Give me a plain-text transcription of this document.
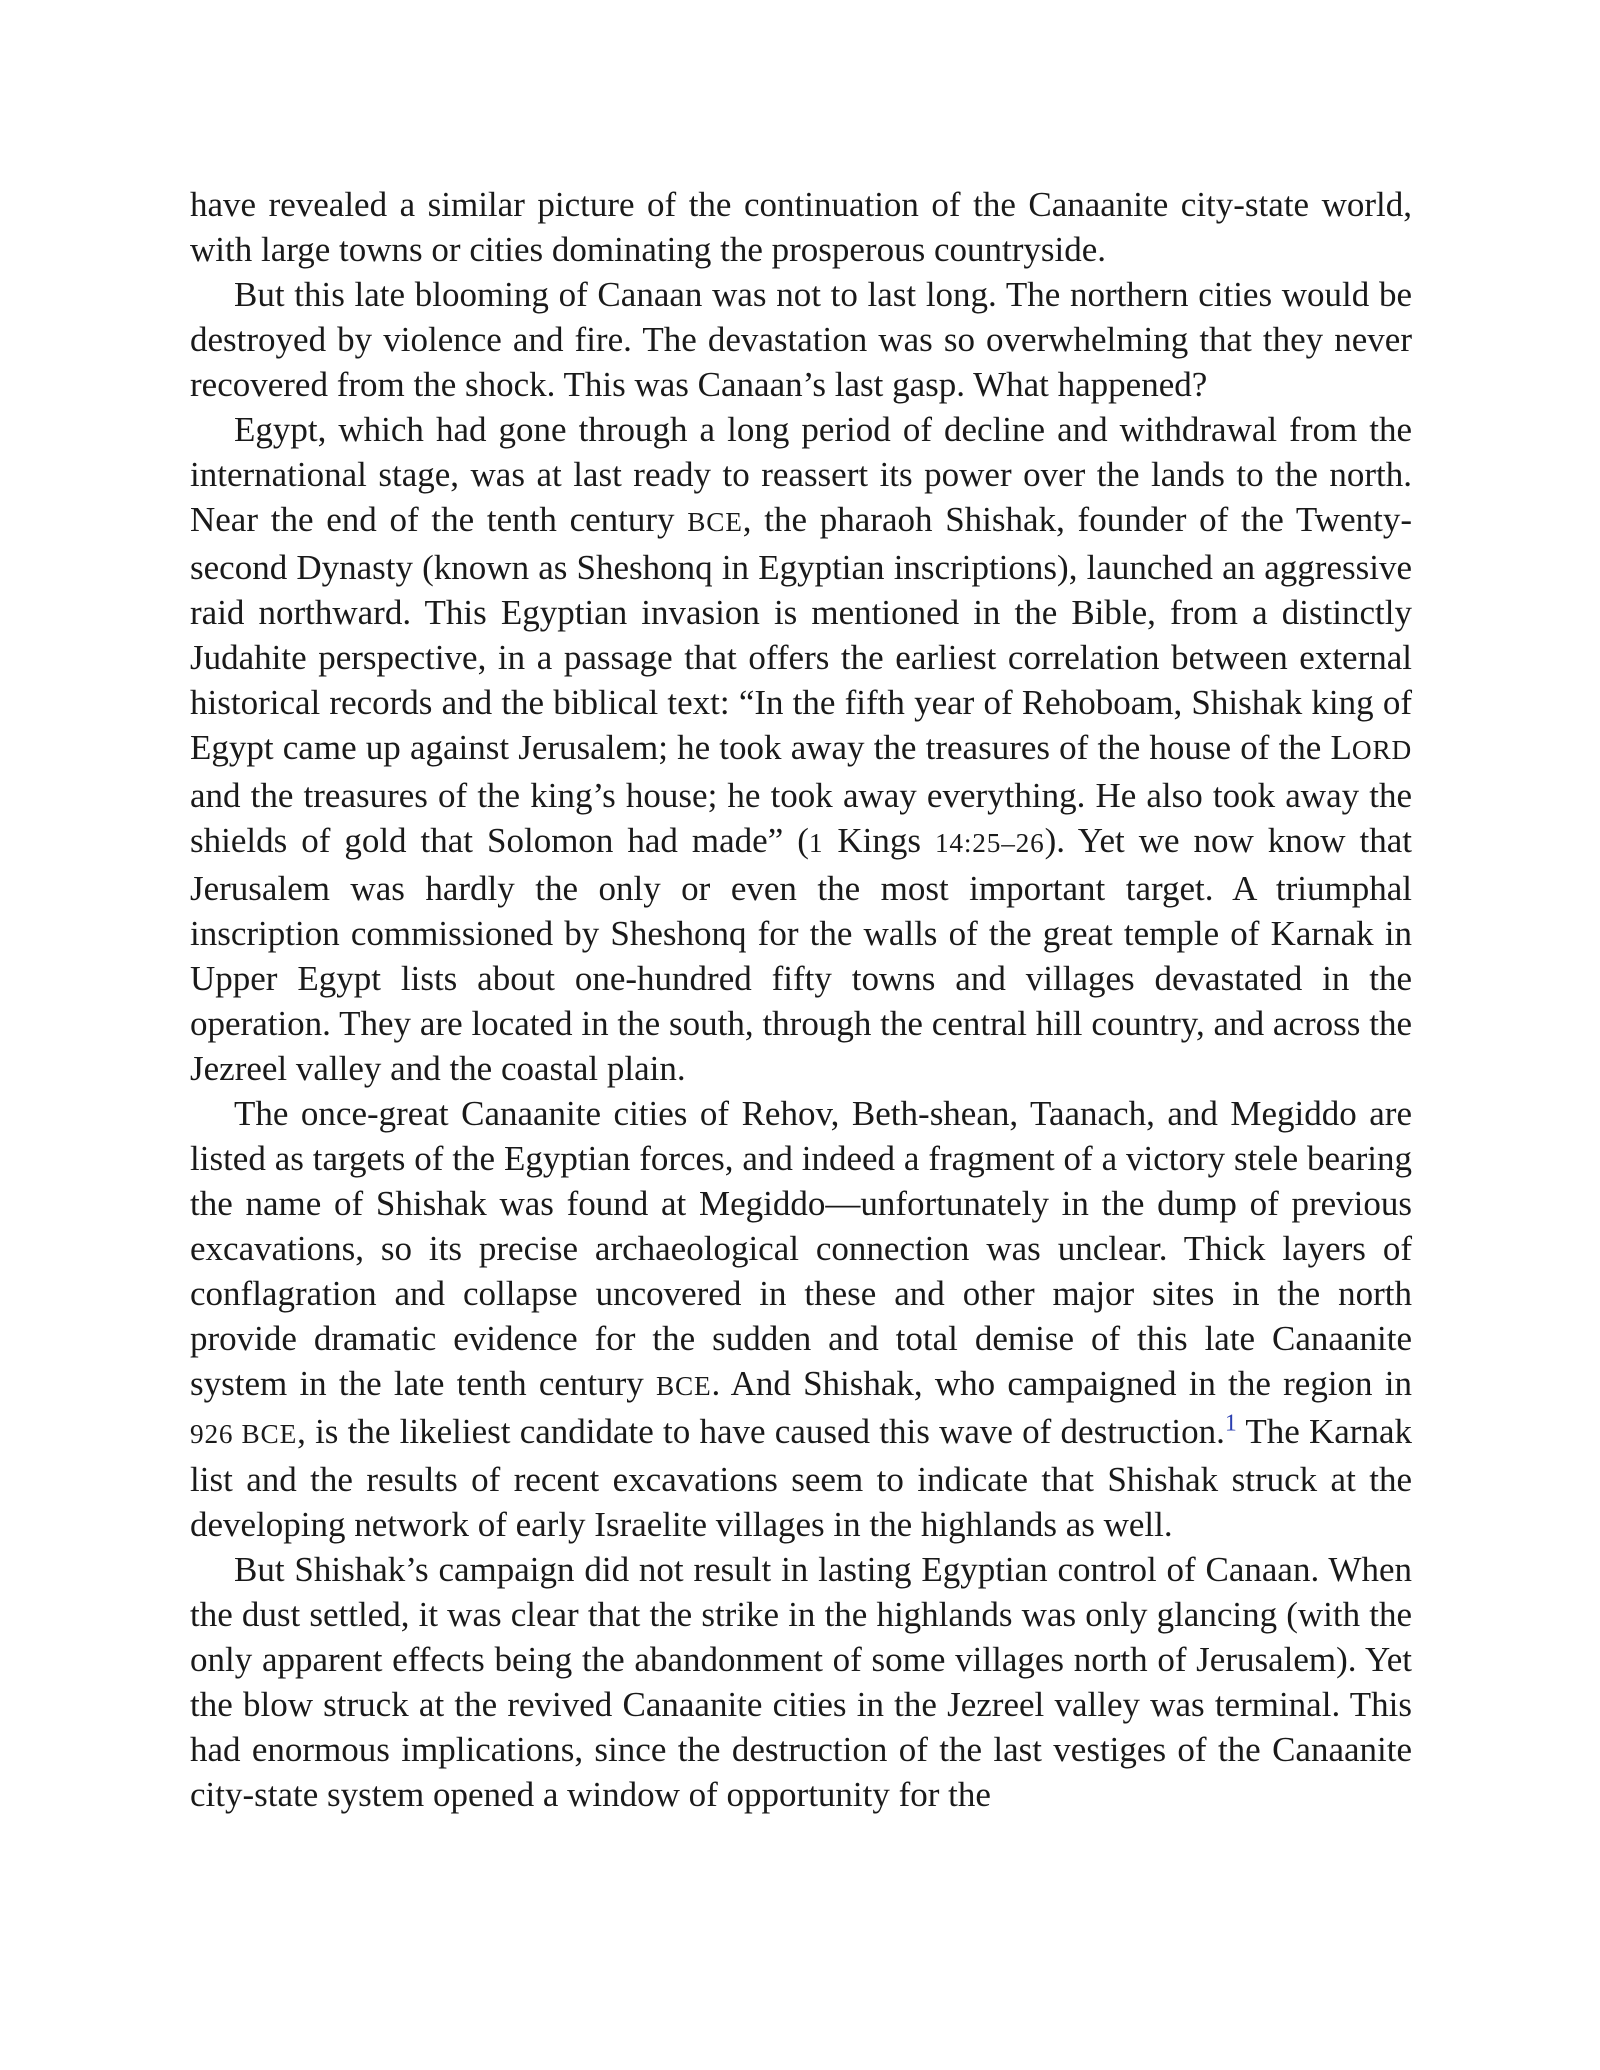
have revealed a similar picture of the continuation of the Canaanite city-state world, with large towns or cities dominating the prosperous countryside.

But this late blooming of Canaan was not to last long. The northern cities would be destroyed by violence and fire. The devastation was so overwhelming that they never recovered from the shock. This was Canaan’s last gasp. What happened?

Egypt, which had gone through a long period of decline and withdrawal from the international stage, was at last ready to reassert its power over the lands to the north. Near the end of the tenth century BCE, the pharaoh Shishak, founder of the Twenty-second Dynasty (known as Sheshonq in Egyptian inscriptions), launched an aggressive raid northward. This Egyptian invasion is mentioned in the Bible, from a distinctly Judahite perspective, in a passage that offers the earliest correlation between external historical records and the biblical text: “In the fifth year of Rehoboam, Shishak king of Egypt came up against Jerusalem; he took away the treasures of the house of the LORD and the treasures of the king’s house; he took away everything. He also took away the shields of gold that Solomon had made” (1 Kings 14:25–26). Yet we now know that Jerusalem was hardly the only or even the most important target. A triumphal inscription commissioned by Sheshonq for the walls of the great temple of Karnak in Upper Egypt lists about one-hundred fifty towns and villages devastated in the operation. They are located in the south, through the central hill country, and across the Jezreel valley and the coastal plain.

The once-great Canaanite cities of Rehov, Beth-shean, Taanach, and Megiddo are listed as targets of the Egyptian forces, and indeed a fragment of a victory stele bearing the name of Shishak was found at Megiddo—unfortunately in the dump of previous excavations, so its precise archaeological connection was unclear. Thick layers of conflagration and collapse uncovered in these and other major sites in the north provide dramatic evidence for the sudden and total demise of this late Canaanite system in the late tenth century BCE. And Shishak, who campaigned in the region in 926 BCE, is the likeliest candidate to have caused this wave of destruction.$^1$ The Karnak list and the results of recent excavations seem to indicate that Shishak struck at the developing network of early Israelite villages in the highlands as well.

But Shishak’s campaign did not result in lasting Egyptian control of Canaan. When the dust settled, it was clear that the strike in the highlands was only glancing (with the only apparent effects being the abandonment of some villages north of Jerusalem). Yet the blow struck at the revived Canaanite cities in the Jezreel valley was terminal. This had enormous implications, since the destruction of the last vestiges of the Canaanite city-state system opened a window of opportunity for the
